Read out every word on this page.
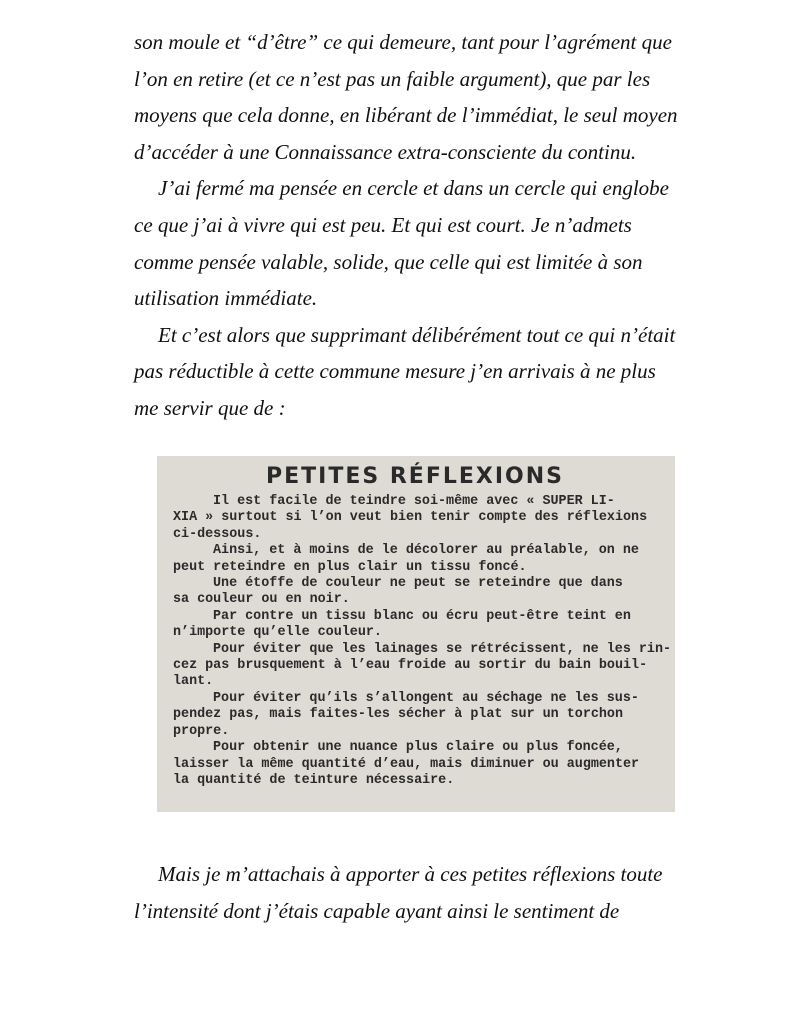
son moule et “d’être” ce qui demeure, tant pour l’agrément que
l’on en retire (et ce n’est pas un faible argument), que par les
moyens que cela donne, en libérant de l’immédiat, le seul moyen
d’accéder à une Connaissance extra-consciente du continu.

J’ai fermé ma pensée en cercle et dans un cercle qui englobe
ce que j’ai à vivre qui est peu. Et qui est court. Je n’admets
comme pensée valable, solide, que celle qui est limitée à son
utilisation immédiate.

Et c’est alors que supprimant délibérément tout ce qui n’était
pas réductible à cette commune mesure j’en arrivais à ne plus
me servir que de :

PETITES RÉFLEXIONS

Il est facile de teindre soi-même avec « SUPER LI-
XIA » surtout si l’on veut bien tenir compte des réflexions
ci-dessous.

Ainsi, et à moins de le décolorer au préalable, on ne
peut reteindre en plus clair un tissu foncé.

Une étoffe de couleur ne peut se reteindre que dans
sa couleur ou en noir.

Par contre un tissu blanc ou écru peut-être teint en
n’importe qu’elle couleur.

Pour éviter que les lainages se rétrécissent, ne les rin-
cez pas brusquement à l’eau froide au sortir du bain bouil-
lant.

Pour éviter qu’ils s’allongent au séchage ne les sus-
pendez pas, mais faites-les sécher à plat sur un torchon
propre.

Pour obtenir une nuance plus claire ou plus foncée,
laisser la même quantité d’eau, mais diminuer ou augmenter
la quantité de teinture nécessaire.

Mais je m’attachais à apporter à ces petites réflexions toute
l’intensité dont j’étais capable ayant ainsi le sentiment de
